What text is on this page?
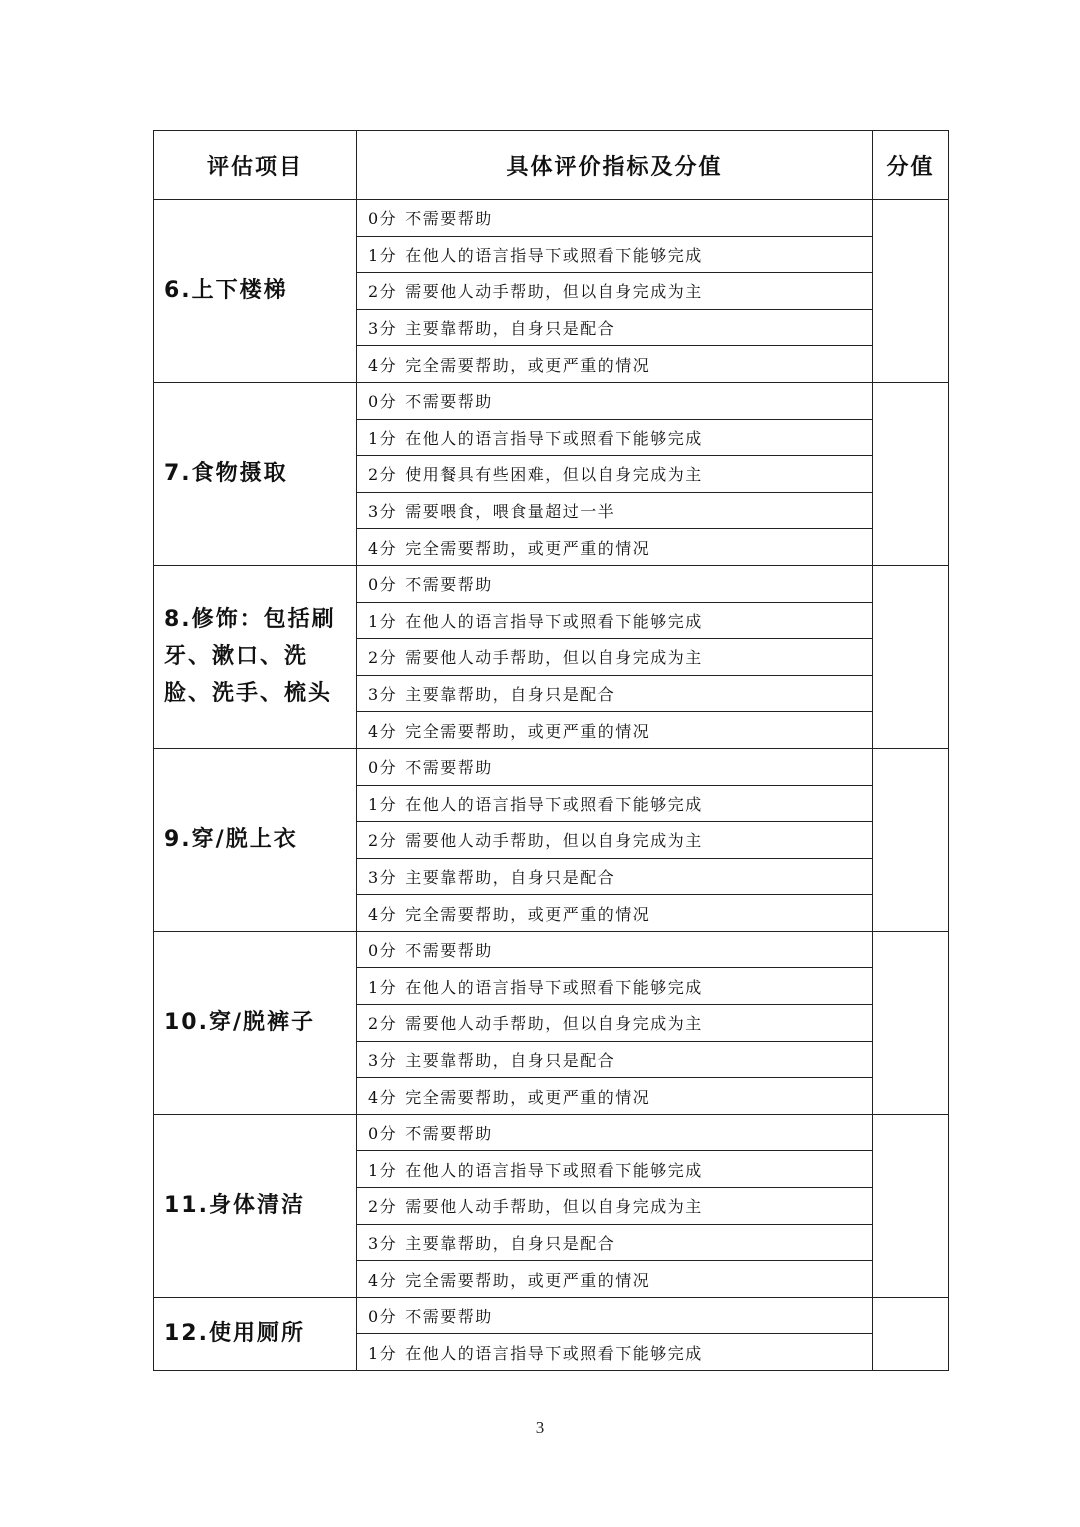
评估项目	具体评价指标及分值	分值
6.上下楼梯	0分 不需要帮助	
	1分 在他人的语言指导下或照看下能够完成	
	2分 需要他人动手帮助，但以自身完成为主	
	3分 主要靠帮助，自身只是配合	
	4分 完全需要帮助，或更严重的情况	
7.食物摄取	0分 不需要帮助	
	1分 在他人的语言指导下或照看下能够完成	
	2分 使用餐具有些困难，但以自身完成为主	
	3分 需要喂食，喂食量超过一半	
	4分 完全需要帮助，或更严重的情况	
8.修饰：包括刷牙、漱口、洗脸、洗手、梳头	0分 不需要帮助	
	1分 在他人的语言指导下或照看下能够完成	
	2分 需要他人动手帮助，但以自身完成为主	
	3分 主要靠帮助，自身只是配合	
	4分 完全需要帮助，或更严重的情况	
9.穿/脱上衣	0分 不需要帮助	
	1分 在他人的语言指导下或照看下能够完成	
	2分 需要他人动手帮助，但以自身完成为主	
	3分 主要靠帮助，自身只是配合	
	4分 完全需要帮助，或更严重的情况	
10.穿/脱裤子	0分 不需要帮助	
	1分 在他人的语言指导下或照看下能够完成	
	2分 需要他人动手帮助，但以自身完成为主	
	3分 主要靠帮助，自身只是配合	
	4分 完全需要帮助，或更严重的情况	
11.身体清洁	0分 不需要帮助	
	1分 在他人的语言指导下或照看下能够完成	
	2分 需要他人动手帮助，但以自身完成为主	
	3分 主要靠帮助，自身只是配合	
	4分 完全需要帮助，或更严重的情况	
12.使用厕所	0分 不需要帮助	
	1分 在他人的语言指导下或照看下能够完成	
3
